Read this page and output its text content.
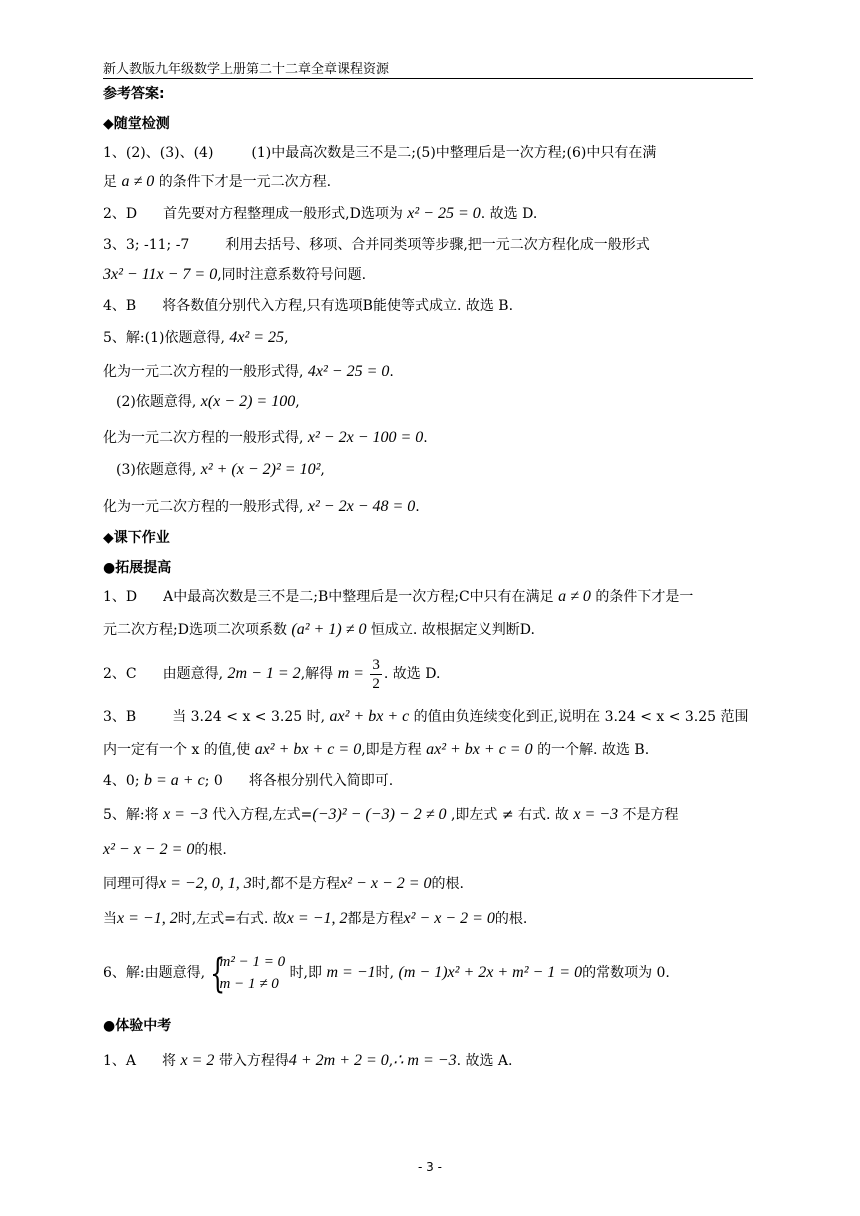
新人教版九年级数学上册第二十二章全章课程资源
参考答案:
◆随堂检测
1、(2)、(3)、(4)	(1)中最高次数是三不是二;(5)中整理后是一次方程;(6)中只有在满
足 a ≠ 0 的条件下才是一元二次方程.
2、D 首先要对方程整理成一般形式,D选项为 x² − 25 = 0. 故选 D.
3、3; -11; -7	利用去括号、移项、合并同类项等步骤,把一元二次方程化成一般形式
3x² − 11x − 7 = 0,同时注意系数符号问题.
4、B 将各数值分别代入方程,只有选项B能使等式成立. 故选 B.
5、解:(1)依题意得, 4x² = 25,
化为一元二次方程的一般形式得, 4x² − 25 = 0.
(2)依题意得, x(x − 2) = 100,
化为一元二次方程的一般形式得, x² − 2x − 100 = 0.
(3)依题意得, x² + (x − 2)² = 10²,
化为一元二次方程的一般形式得, x² − 2x − 48 = 0.
◆课下作业
●拓展提高
1、D A中最高次数是三不是二;B中整理后是一次方程;C中只有在满足 a ≠ 0 的条件下才是一
元二次方程;D选项二次项系数 (a² + 1) ≠ 0 恒成立. 故根据定义判断D.
2、C 由题意得, 2m − 1 = 2,解得 $m = \frac{3}{2}$ . 故选 D.
3、B	当 3.24 < x < 3.25 时, ax² + bx + c 的值由负连续变化到正,说明在 3.24 < x < 3.25 范围
内一定有一个 x 的值,使 ax² + bx + c = 0,即是方程 ax² + bx + c = 0 的一个解. 故选 B.
4、0; b = a + c; 0 将各根分别代入简即可.
5、解:将 x = −3 代入方程,左式=(−3)² − (−3) − 2 ≠ 0 ,即左式 ≠ 右式. 故 x = −3 不是方程
x² − x − 2 = 0的根.
同理可得x = −2, 0, 1, 3时,都不是方程x² − x − 2 = 0的根.
当x = −1, 2时,左式=右式. 故x = −1, 2都是方程x² − x − 2 = 0的根.
6、解:由题意得, {
m² − 1 = 0
m − 1 ≠ 0
时,即 m = −1时, (m − 1)x² + 2x + m² − 1 = 0的常数项为 0.
●体验中考
1、A 将 x = 2 带入方程得4 + 2m + 2 = 0,∴ m = −3. 故选 A.
- 3 -
